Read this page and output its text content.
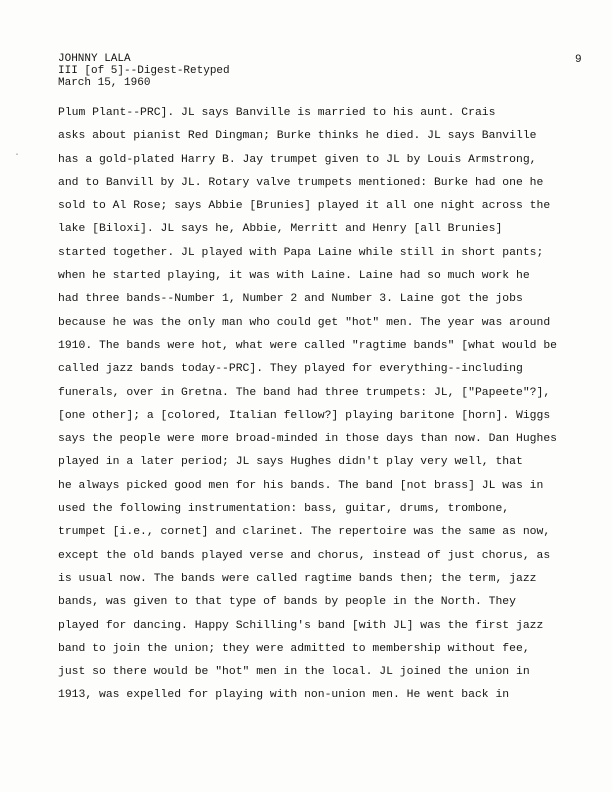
·
JOHNNY LALA
III [of 5]--Digest-Retyped
March 15, 1960
9
Plum Plant--PRC]. JL says Banville is married to his aunt. Crais
asks about pianist Red Dingman; Burke thinks he died. JL says Banville
has a gold-plated Harry B. Jay trumpet given to JL by Louis Armstrong,
and to Banvill by JL. Rotary valve trumpets mentioned: Burke had one he
sold to Al Rose; says Abbie [Brunies] played it all one night across the
lake [Biloxi]. JL says he, Abbie, Merritt and Henry [all Brunies]
started together. JL played with Papa Laine while still in short pants;
when he started playing, it was with Laine. Laine had so much work he
had three bands--Number 1, Number 2 and Number 3. Laine got the jobs
because he was the only man who could get "hot" men. The year was around
1910. The bands were hot, what were called "ragtime bands" [what would be
called jazz bands today--PRC]. They played for everything--including
funerals, over in Gretna. The band had three trumpets: JL, ["Papeete"?],
[one other]; a [colored, Italian fellow?] playing baritone [horn]. Wiggs
says the people were more broad-minded in those days than now. Dan Hughes
played in a later period; JL says Hughes didn't play very well, that
he always picked good men for his bands. The band [not brass] JL was in
used the following instrumentation: bass, guitar, drums, trombone,
trumpet [i.e., cornet] and clarinet. The repertoire was the same as now,
except the old bands played verse and chorus, instead of just chorus, as
is usual now. The bands were called ragtime bands then; the term, jazz
bands, was given to that type of bands by people in the North. They
played for dancing. Happy Schilling's band [with JL] was the first jazz
band to join the union; they were admitted to membership without fee,
just so there would be "hot" men in the local. JL joined the union in
1913, was expelled for playing with non-union men. He went back in
